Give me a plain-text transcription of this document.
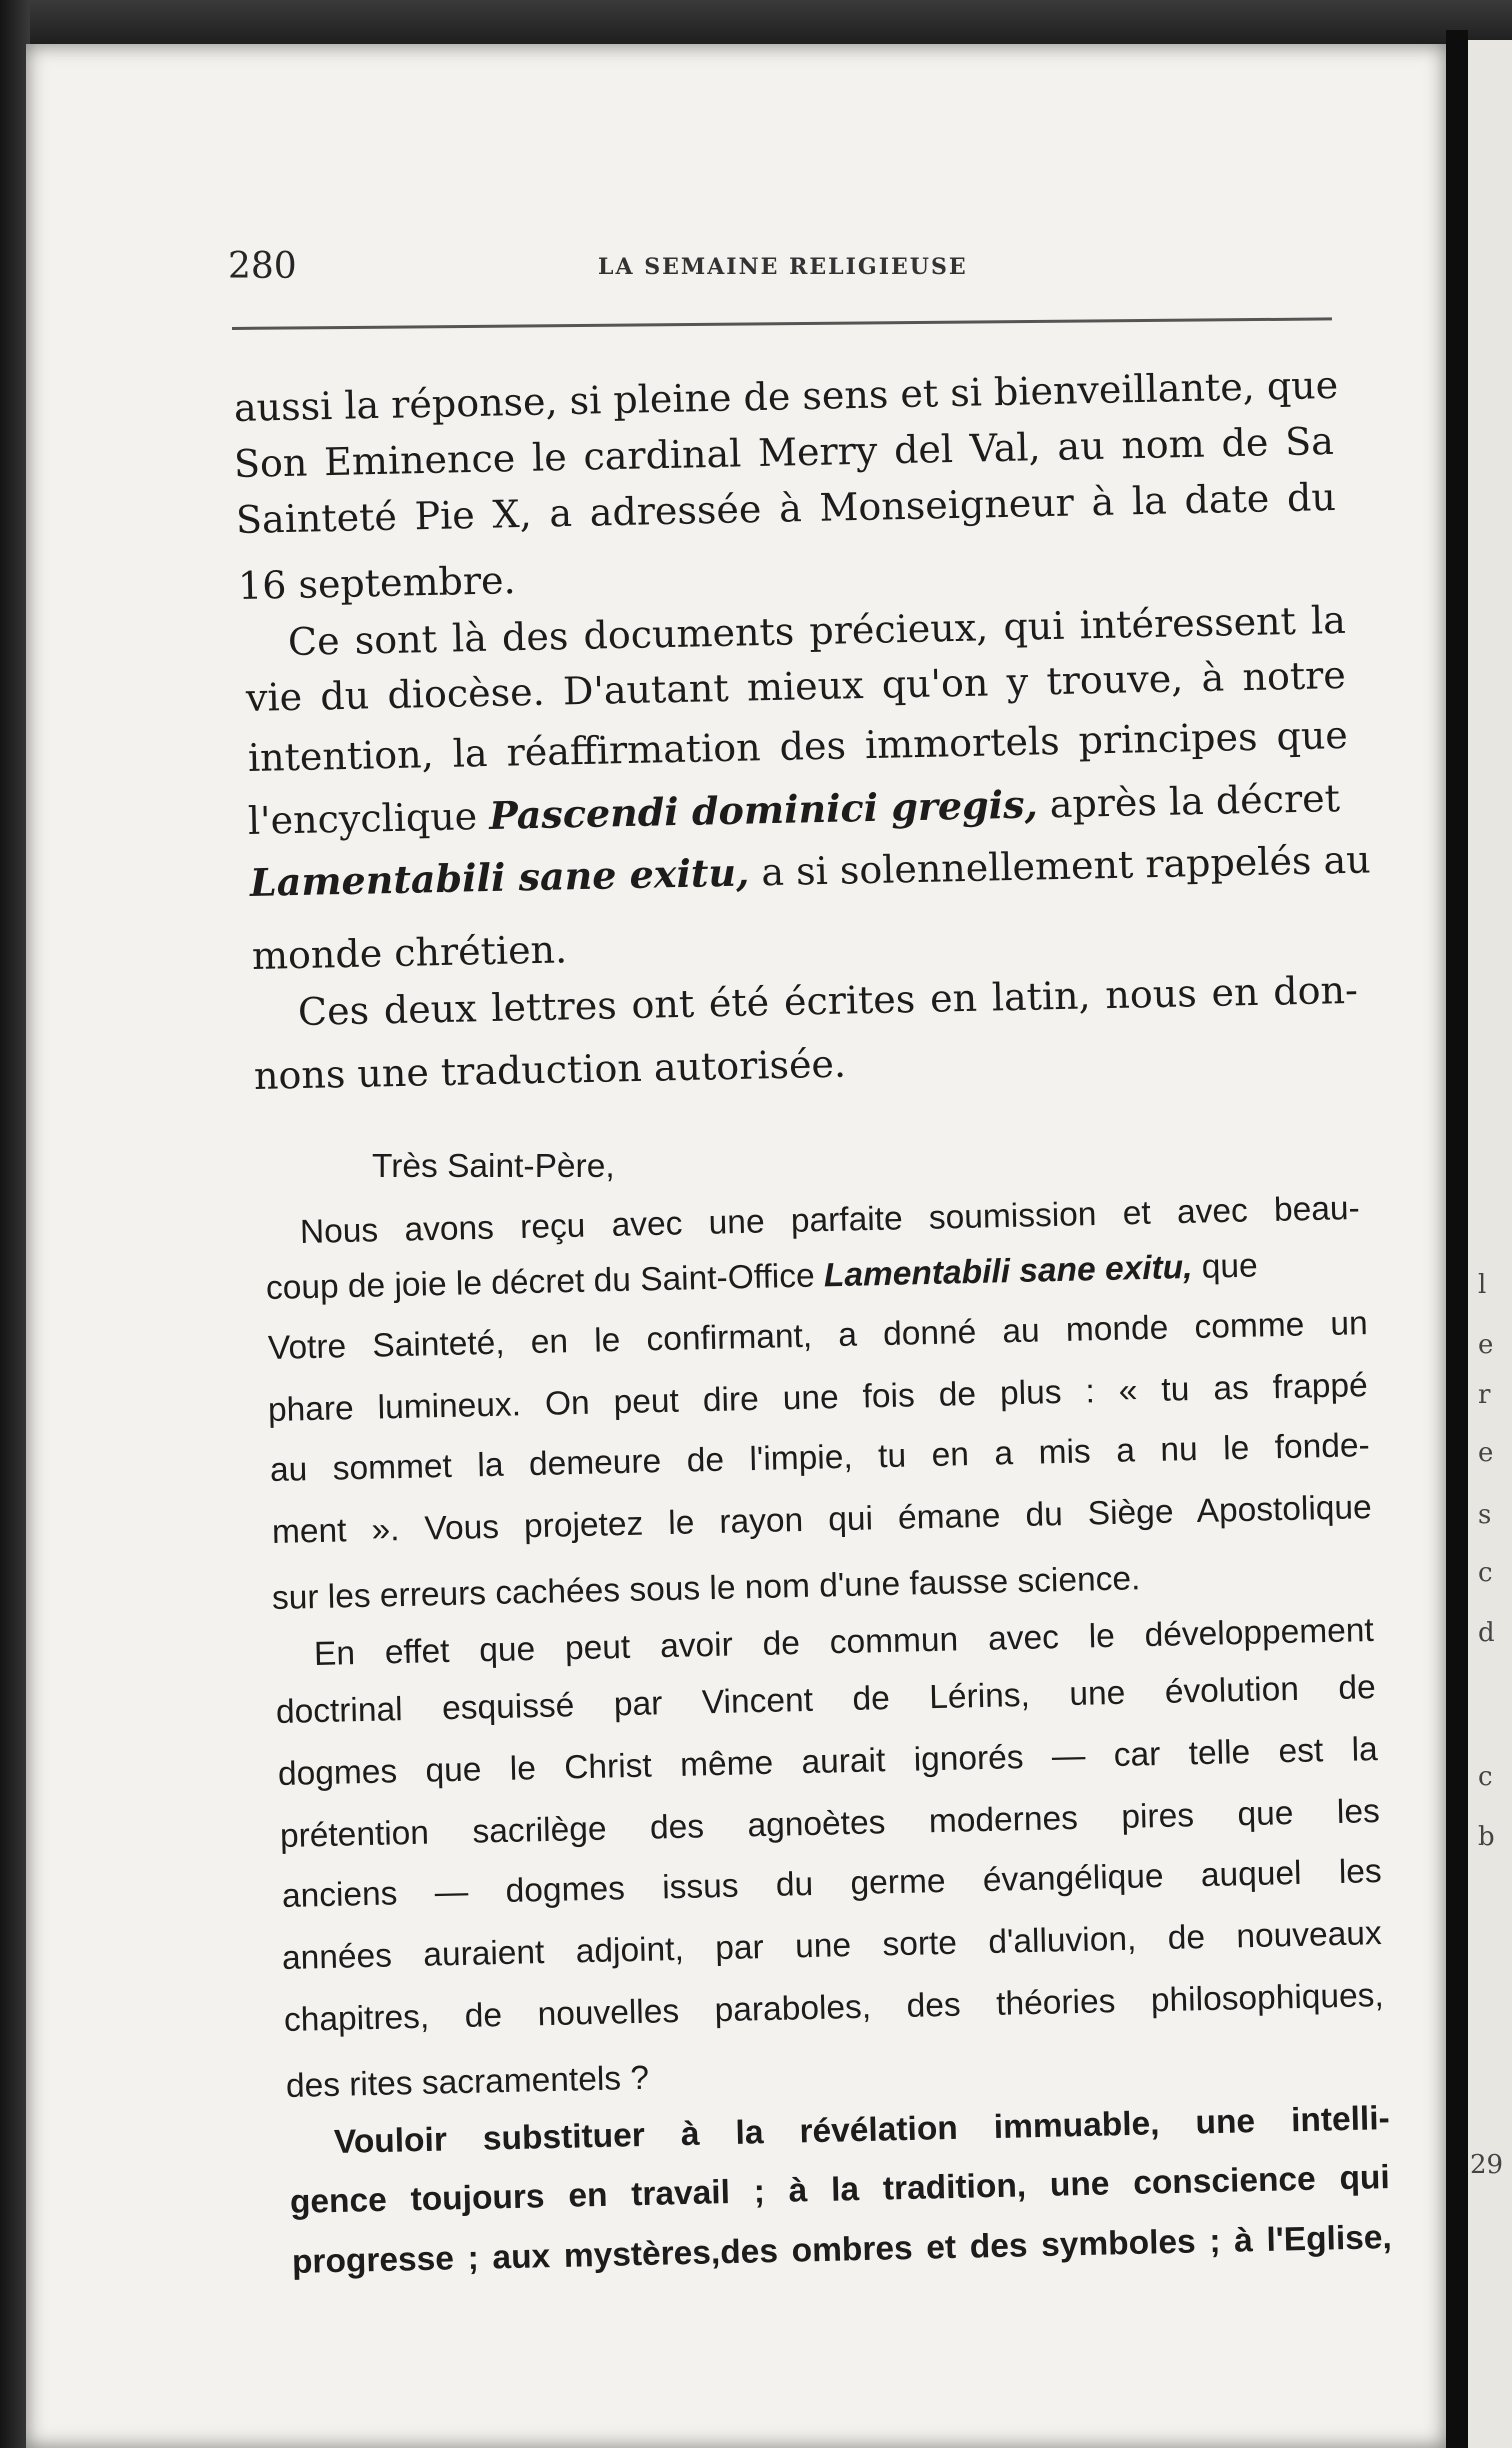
l
e
r
e
s
c
d
c
b
29
280	LA SEMAINE RELIGIEUSE
aussi la réponse, si pleine de sens et si bienveillante, que
Son Eminence le cardinal Merry del Val, au nom de Sa
Sainteté Pie X, a adressée à Monseigneur à la date du
16 septembre.
Ce sont là des documents précieux, qui intéressent la
vie du diocèse. D'autant mieux qu'on y trouve, à notre
intention, la réaffirmation des immortels principes que
l'encyclique Pascendi dominici gregis, après la décret
Lamentabili sane exitu, a si solennellement rappelés au
monde chrétien.
Ces deux lettres ont été écrites en latin, nous en don-
nons une traduction autorisée.
Très Saint-Père,
Nous avons reçu avec une parfaite soumission et avec beau-
coup de joie le décret du Saint-Office Lamentabili sane exitu, que
Votre Sainteté, en le confirmant, a donné au monde comme un
phare lumineux. On peut dire une fois de plus : « tu as frappé
au sommet la demeure de l'impie, tu en a mis a nu le fonde-
ment ». Vous projetez le rayon qui émane du Siège Apostolique
sur les erreurs cachées sous le nom d'une fausse science.
En effet que peut avoir de commun avec le développement
doctrinal esquissé par Vincent de Lérins, une évolution de
dogmes que le Christ même aurait ignorés — car telle est la
prétention sacrilège des agnoètes modernes pires que les
anciens — dogmes issus du germe évangélique auquel les
années auraient adjoint, par une sorte d'alluvion, de nouveaux
chapitres, de nouvelles paraboles, des théories philosophiques,
des rites sacramentels ?
Vouloir substituer à la révélation immuable, une intelli-
gence toujours en travail ; à la tradition, une conscience qui
progresse ; aux mystères,des ombres et des symboles ; à l'Eglise,
